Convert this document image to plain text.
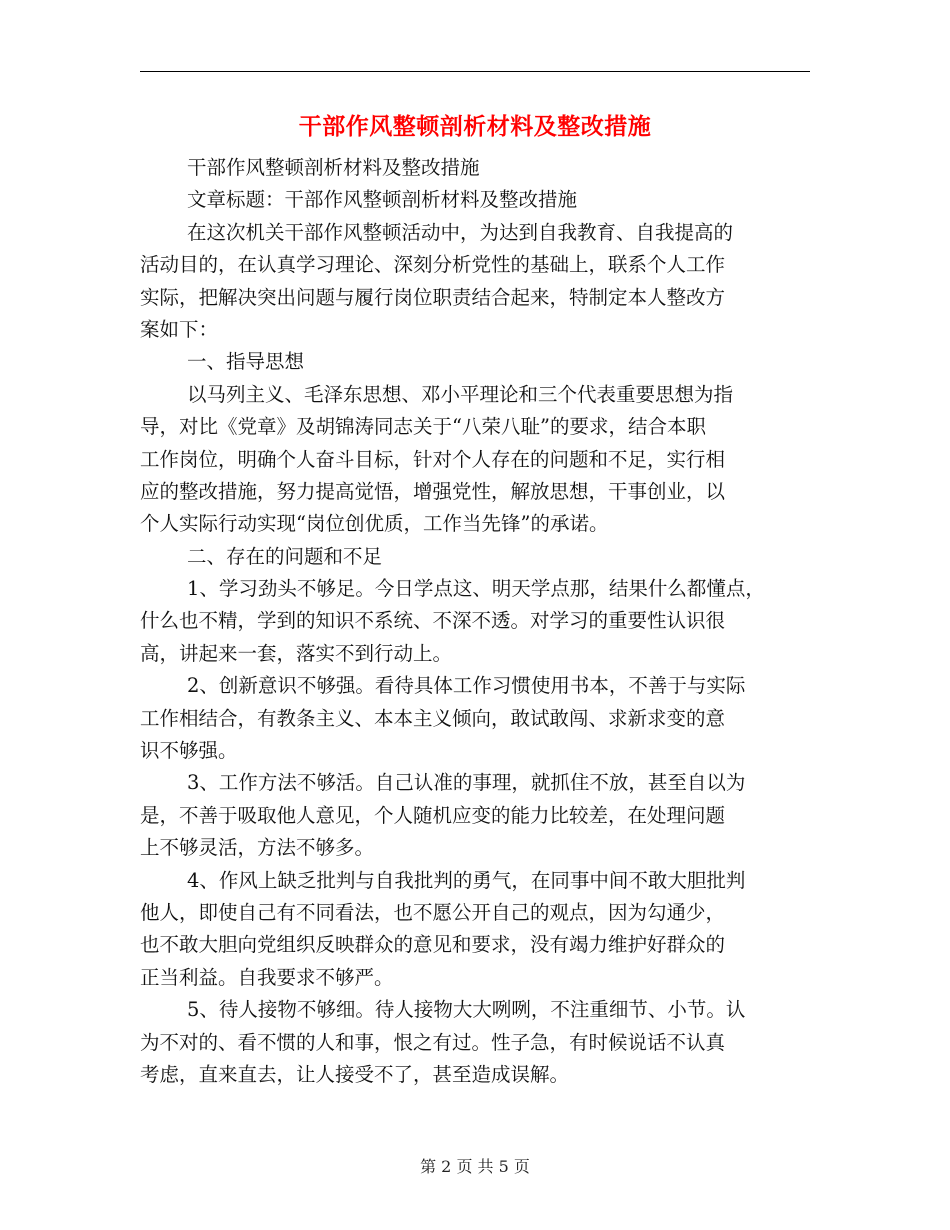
干部作风整顿剖析材料及整改措施
干部作风整顿剖析材料及整改措施
文章标题：干部作风整顿剖析材料及整改措施
在这次机关干部作风整顿活动中，为达到自我教育、自我提高的
活动目的，在认真学习理论、深刻分析党性的基础上，联系个人工作
实际，把解决突出问题与履行岗位职责结合起来，特制定本人整改方
案如下：
一、指导思想
以马列主义、毛泽东思想、邓小平理论和三个代表重要思想为指
导，对比《党章》及胡锦涛同志关于“八荣八耻”的要求，结合本职
工作岗位，明确个人奋斗目标，针对个人存在的问题和不足，实行相
应的整改措施，努力提高觉悟，增强党性，解放思想，干事创业，以
个人实际行动实现“岗位创优质，工作当先锋”的承诺。
二、存在的问题和不足
1、学习劲头不够足。今日学点这、明天学点那，结果什么都懂点，
什么也不精，学到的知识不系统、不深不透。对学习的重要性认识很
高，讲起来一套，落实不到行动上。
2、创新意识不够强。看待具体工作习惯使用书本，不善于与实际
工作相结合，有教条主义、本本主义倾向，敢试敢闯、求新求变的意
识不够强。
3、工作方法不够活。自己认准的事理，就抓住不放，甚至自以为
是，不善于吸取他人意见，个人随机应变的能力比较差，在处理问题
上不够灵活，方法不够多。
4、作风上缺乏批判与自我批判的勇气，在同事中间不敢大胆批判
他人，即使自己有不同看法，也不愿公开自己的观点，因为勾通少，
也不敢大胆向党组织反映群众的意见和要求，没有竭力维护好群众的
正当利益。自我要求不够严。
5、待人接物不够细。待人接物大大咧咧，不注重细节、小节。认
为不对的、看不惯的人和事，恨之有过。性子急，有时候说话不认真
考虑，直来直去，让人接受不了，甚至造成误解。
第 2 页 共 5 页
